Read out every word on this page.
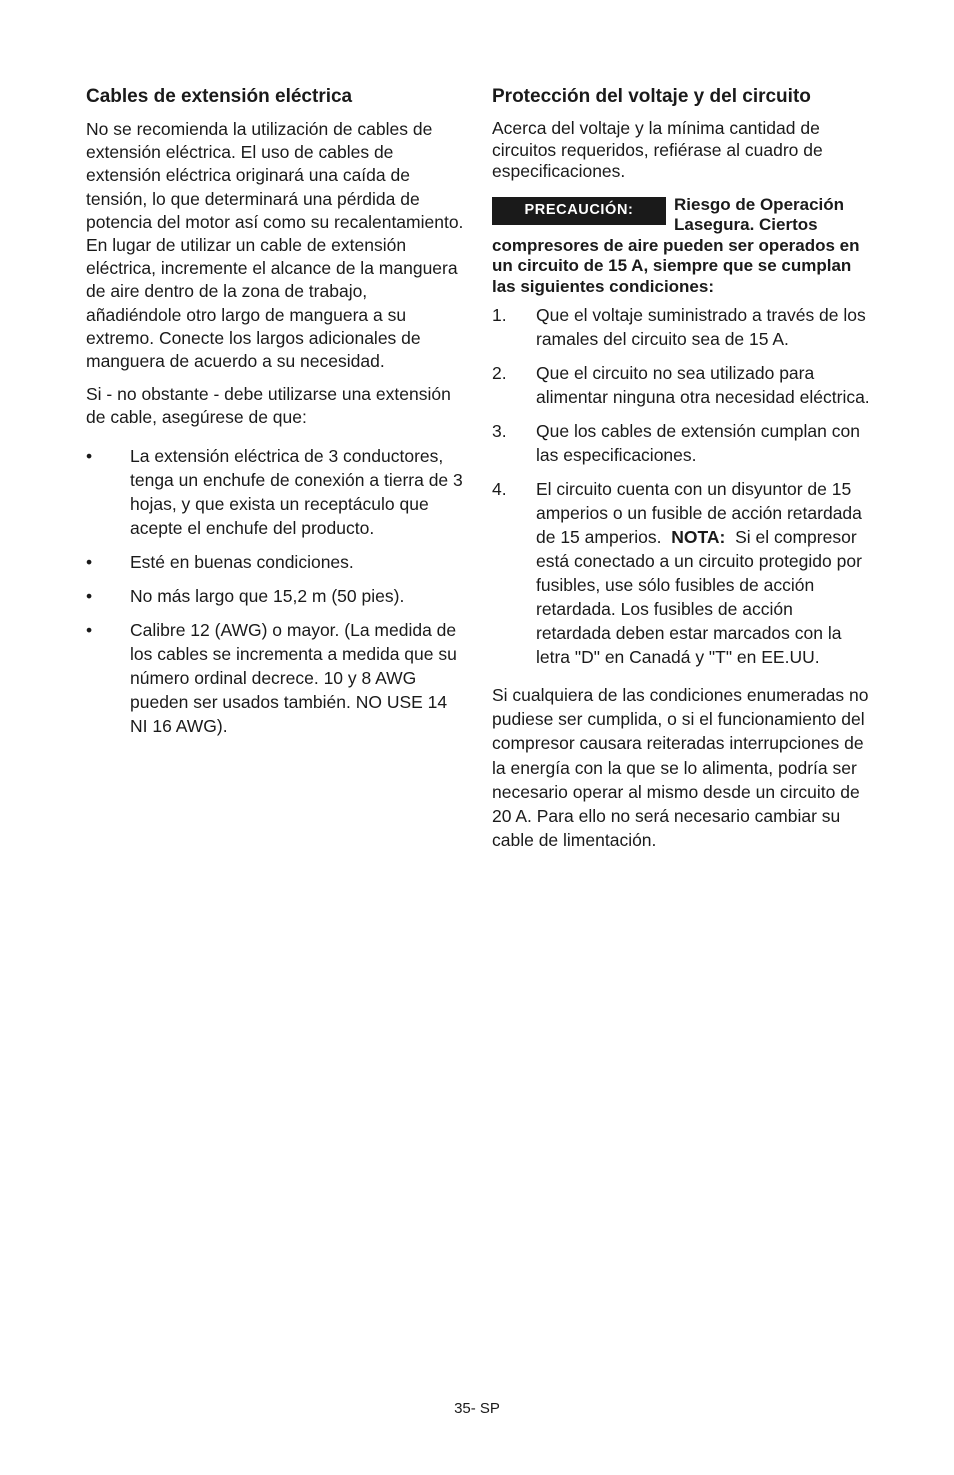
Cables de extensión eléctrica

No se recomienda la utilización de cables de extensión eléctrica. El uso de cables de extensión eléctrica originará una caída de tensión, lo que determinará una pérdida de potencia del motor así como su recalentamiento. En lugar de utilizar un cable de extensión eléctrica, incremente el alcance de la manguera de aire dentro de la zona de trabajo, añadiéndole otro largo de manguera a su extremo. Conecte los largos adicionales de manguera de acuerdo a su necesidad.

Si - no obstante - debe utilizarse una extensión de cable, asegúrese de que:

• La extensión eléctrica de 3 conductores, tenga un enchufe de conexión a tierra de 3 hojas, y que exista un receptáculo que acepte el enchufe del producto.
• Esté en buenas condiciones.
• No más largo que 15,2 m (50 pies).
• Calibre 12 (AWG) o mayor. (La medida de los cables se incrementa a medida que su número ordinal decrece. 10 y 8 AWG pueden ser usados también. NO USE 14 NI 16 AWG).
Protección del voltaje y del circuito

Acerca del voltaje y la mínima cantidad de circuitos requeridos, refiérase al cuadro de especificaciones.

PRECAUCIÓN:	Riesgo de Operación Lasegura. Ciertos compresores de aire pueden ser operados en un circuito de 15 A, siempre que se cumplan las siguientes condiciones:

1. Que el voltaje suministrado a través de los ramales del circuito sea de 15 A.
2. Que el circuito no sea utilizado para alimentar ninguna otra necesidad eléctrica.
3. Que los cables de extensión cumplan con las especificaciones.
4. El circuito cuenta con un disyuntor de 15 amperios o un fusible de acción retardada de 15 amperios. NOTA: Si el compresor está conectado a un circuito protegido por fusibles, use sólo fusibles de acción retardada. Los fusibles de acción retardada deben estar marcados con la letra "D" en Canadá y "T" en EE.UU.

Si cualquiera de las condiciones enumeradas no pudiese ser cumplida, o si el funcionamiento del compresor causara reiteradas interrupciones de la energía con la que se lo alimenta, podría ser necesario operar al mismo desde un circuito de 20 A. Para ello no será necesario cambiar su cable de limentación.

35- SP
